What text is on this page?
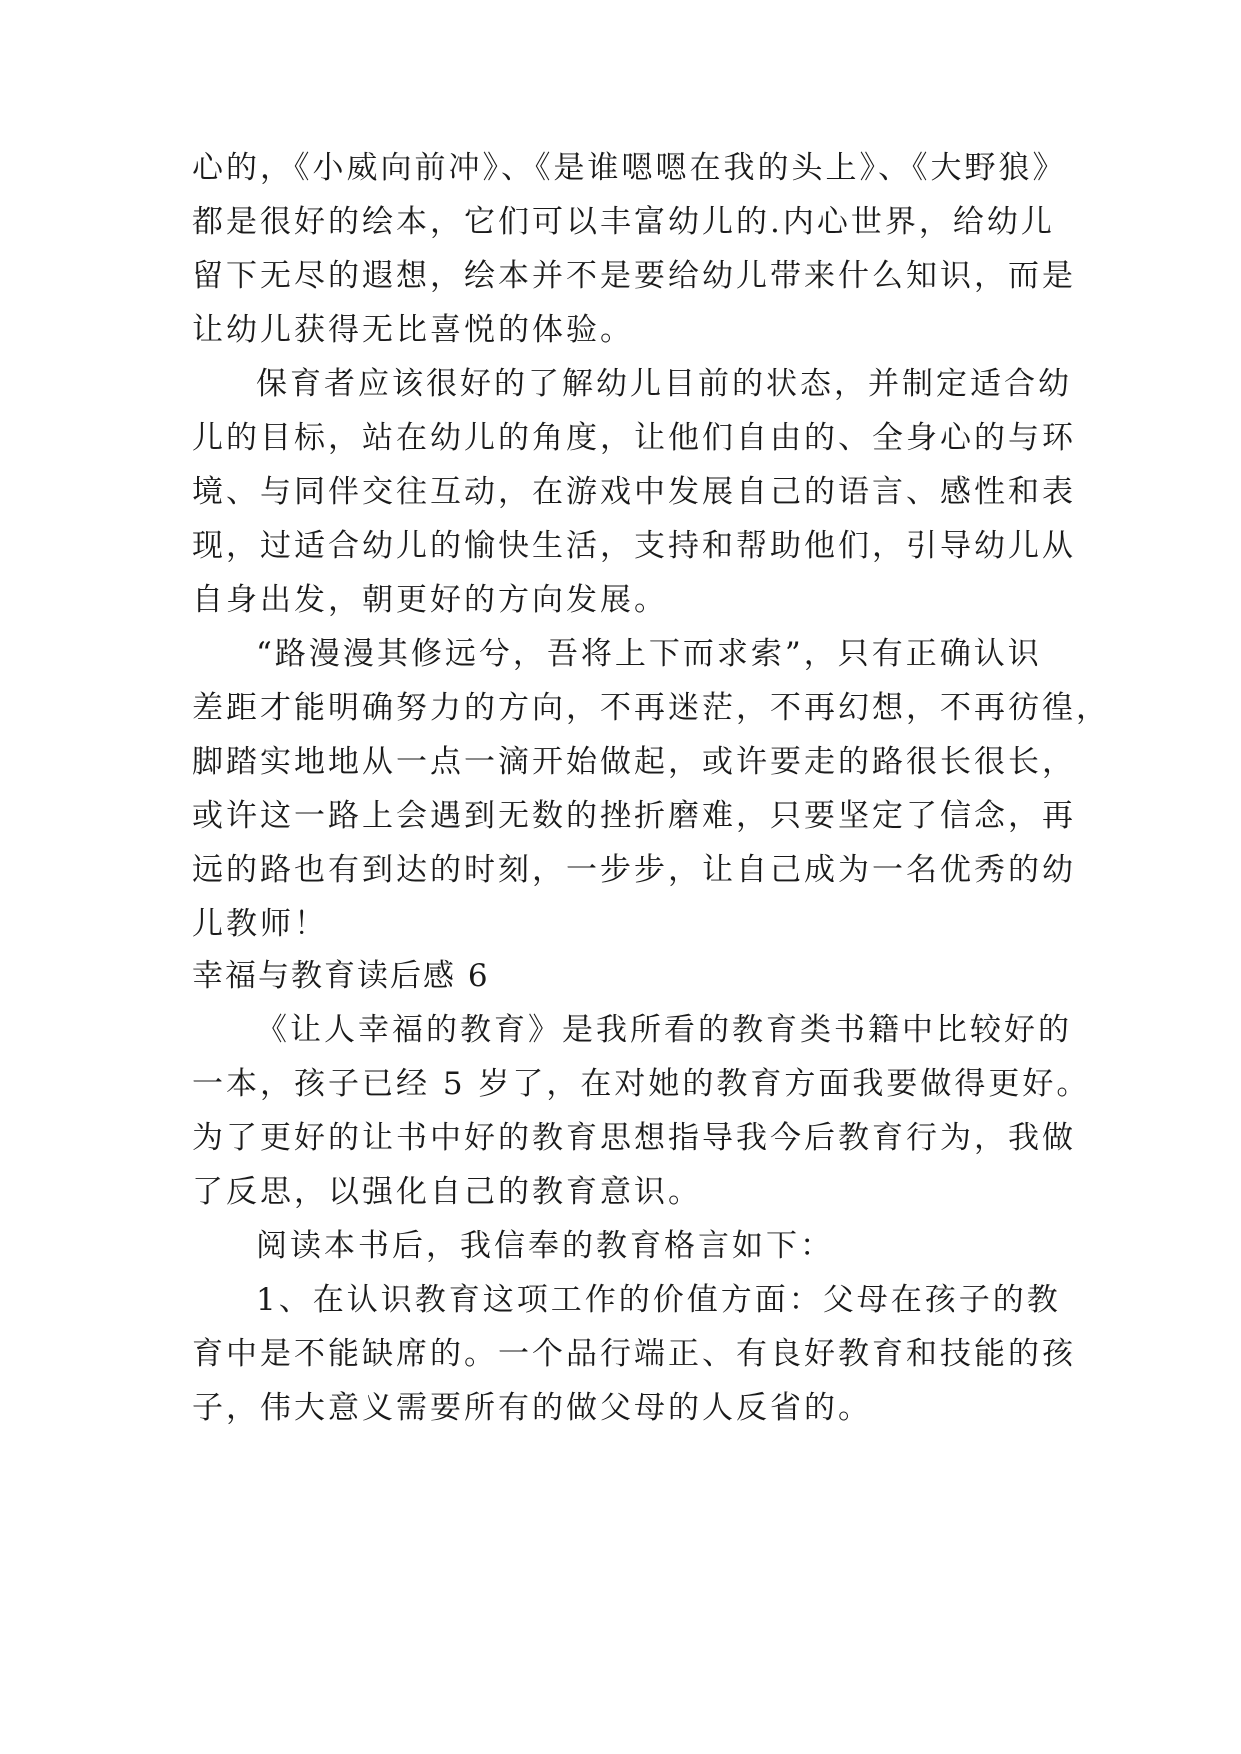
心的，《小威向前冲》、《是谁嗯嗯在我的头上》、《大野狼》
都是很好的绘本，它们可以丰富幼儿的.内心世界，给幼儿
留下无尽的遐想，绘本并不是要给幼儿带来什么知识，而是
让幼儿获得无比喜悦的体验。
保育者应该很好的了解幼儿目前的状态，并制定适合幼
儿的目标，站在幼儿的角度，让他们自由的、全身心的与环
境、与同伴交往互动，在游戏中发展自己的语言、感性和表
现，过适合幼儿的愉快生活，支持和帮助他们，引导幼儿从
自身出发，朝更好的方向发展。
“路漫漫其修远兮，吾将上下而求索”，只有正确认识
差距才能明确努力的方向，不再迷茫，不再幻想，不再彷徨，
脚踏实地地从一点一滴开始做起，或许要走的路很长很长，
或许这一路上会遇到无数的挫折磨难，只要坚定了信念，再
远的路也有到达的时刻，一步步，让自己成为一名优秀的幼
儿教师！
幸福与教育读后感 6
《让人幸福的教育》是我所看的教育类书籍中比较好的
一本，孩子已经 5 岁了，在对她的教育方面我要做得更好。
为了更好的让书中好的教育思想指导我今后教育行为，我做
了反思，以强化自己的教育意识。
阅读本书后，我信奉的教育格言如下：
1、在认识教育这项工作的价值方面：父母在孩子的教
育中是不能缺席的。一个品行端正、有良好教育和技能的孩
子，伟大意义需要所有的做父母的人反省的。
